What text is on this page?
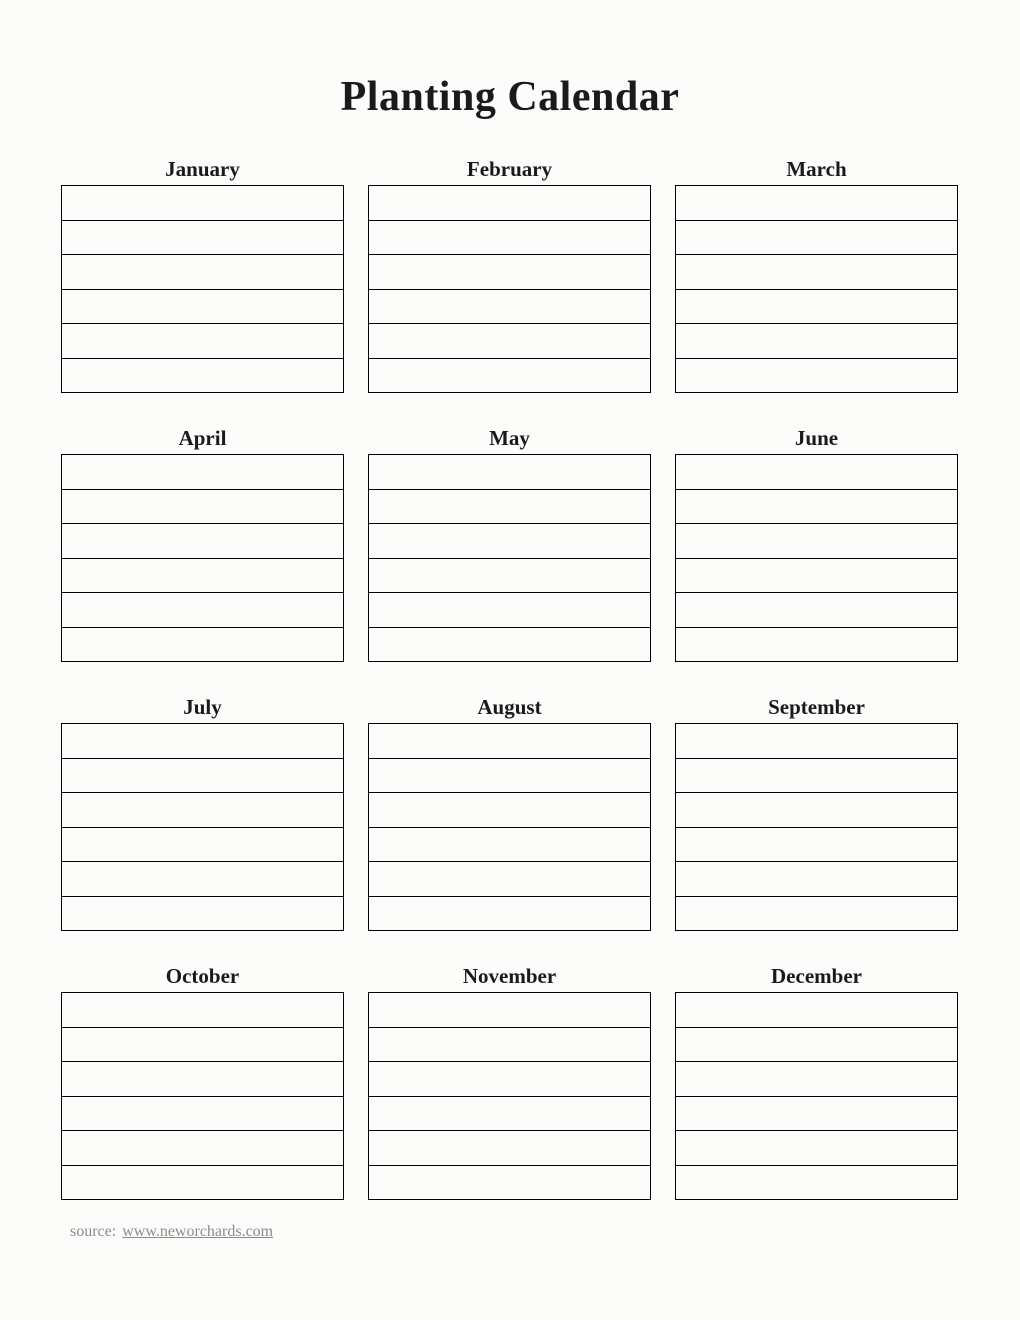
Planting Calendar
January	February	March
April	May	June
July	August	September
October	November	December

source: www.neworchards.com
